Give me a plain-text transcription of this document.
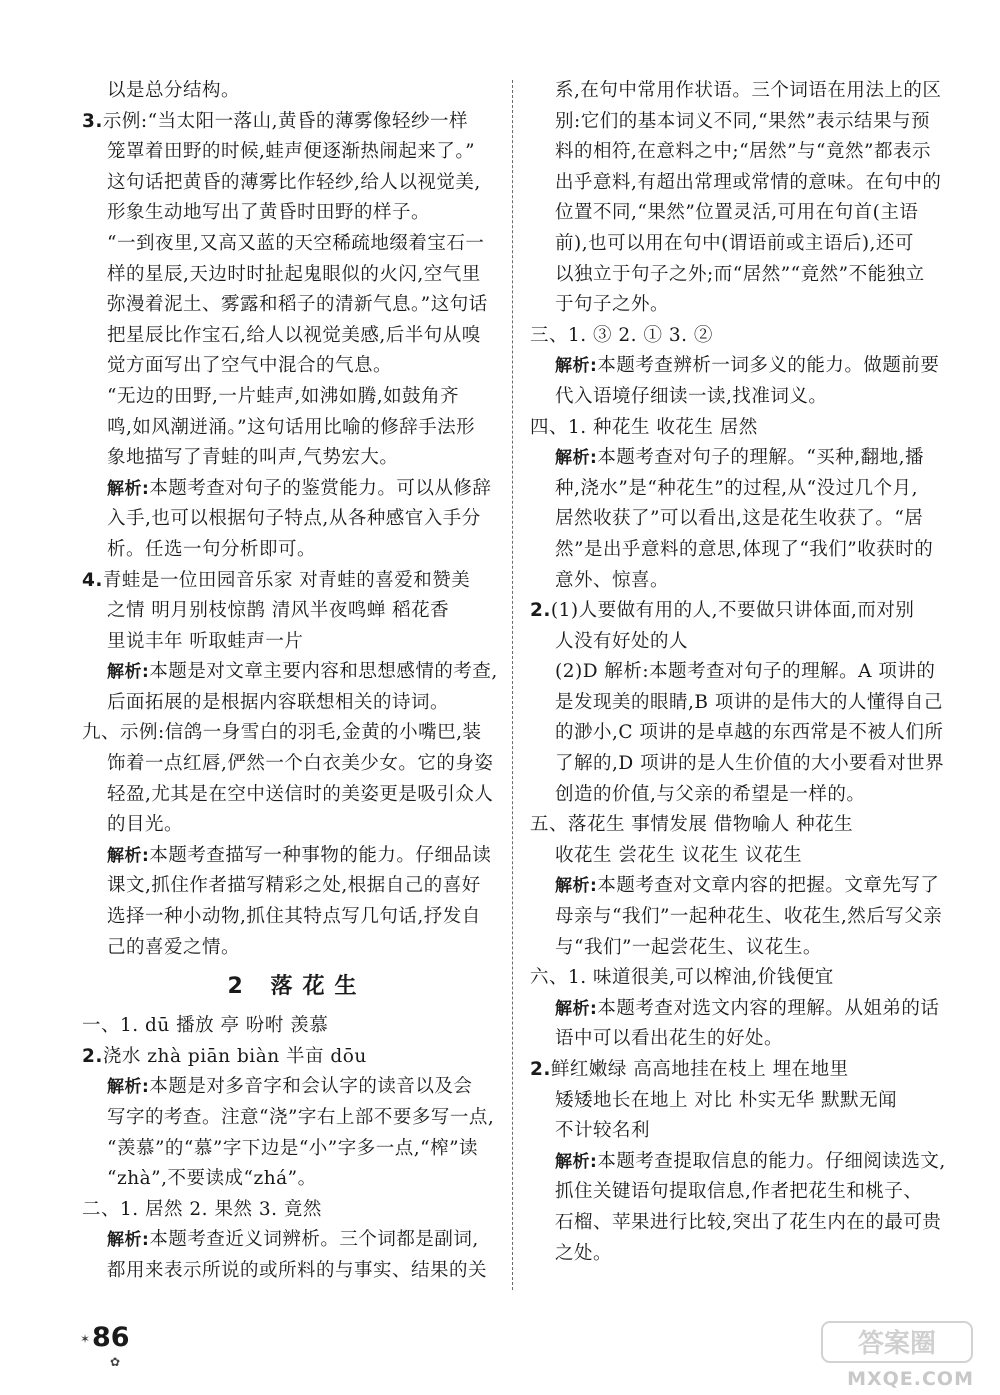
以是总分结构。
3.示例:“当太阳一落山,黄昏的薄雾像轻纱一样
笼罩着田野的时候,蛙声便逐渐热闹起来了。”
这句话把黄昏的薄雾比作轻纱,给人以视觉美,
形象生动地写出了黄昏时田野的样子。
“一到夜里,又高又蓝的天空稀疏地缀着宝石一
样的星辰,天边时时扯起鬼眼似的火闪,空气里
弥漫着泥土、雾露和稻子的清新气息。”这句话
把星辰比作宝石,给人以视觉美感,后半句从嗅
觉方面写出了空气中混合的气息。
“无边的田野,一片蛙声,如沸如腾,如鼓角齐
鸣,如风潮迸涌。”这句话用比喻的修辞手法形
象地描写了青蛙的叫声,气势宏大。
解析:本题考查对句子的鉴赏能力。可以从修辞
入手,也可以根据句子特点,从各种感官入手分
析。任选一句分析即可。
4.青蛙是一位田园音乐家 对青蛙的喜爱和赞美
之情 明月别枝惊鹊 清风半夜鸣蝉 稻花香
里说丰年 听取蛙声一片
解析:本题是对文章主要内容和思想感情的考查,
后面拓展的是根据内容联想相关的诗词。
九、示例:信鸽一身雪白的羽毛,金黄的小嘴巴,装
饰着一点红唇,俨然一个白衣美少女。它的身姿
轻盈,尤其是在空中送信时的美姿更是吸引众人
的目光。
解析:本题考查描写一种事物的能力。仔细品读
课文,抓住作者描写精彩之处,根据自己的喜好
选择一种小动物,抓住其特点写几句话,抒发自
己的喜爱之情。
2 落花生
一、1. dū 播放 亭 吩咐 羡慕
2.浇水 zhà piān biàn 半亩 dōu
解析:本题是对多音字和会认字的读音以及会
写字的考查。注意“浇”字右上部不要多写一点,
“羡慕”的“慕”字下边是“小”字多一点,“榨”读
“zhà”,不要读成“zhá”。
二、1. 居然 2. 果然 3. 竟然
解析:本题考查近义词辨析。三个词都是副词,
都用来表示所说的或所料的与事实、结果的关
系,在句中常用作状语。三个词语在用法上的区
别:它们的基本词义不同,“果然”表示结果与预
料的相符,在意料之中;“居然”与“竟然”都表示
出乎意料,有超出常理或常情的意味。在句中的
位置不同,“果然”位置灵活,可用在句首(主语
前),也可以用在句中(谓语前或主语后),还可
以独立于句子之外;而“居然”“竟然”不能独立
于句子之外。
三、1. ③ 2. ① 3. ②
解析:本题考查辨析一词多义的能力。做题前要
代入语境仔细读一读,找准词义。
四、1. 种花生 收花生 居然
解析:本题考查对句子的理解。“买种,翻地,播
种,浇水”是“种花生”的过程,从“没过几个月,
居然收获了”可以看出,这是花生收获了。“居
然”是出乎意料的意思,体现了“我们”收获时的
意外、惊喜。
2.(1)人要做有用的人,不要做只讲体面,而对别
人没有好处的人
(2)D 解析:本题考查对句子的理解。A 项讲的
是发现美的眼睛,B 项讲的是伟大的人懂得自己
的渺小,C 项讲的是卓越的东西常是不被人们所
了解的,D 项讲的是人生价值的大小要看对世界
创造的价值,与父亲的希望是一样的。
五、落花生 事情发展 借物喻人 种花生
收花生 尝花生 议花生 议花生
解析:本题考查对文章内容的把握。文章先写了
母亲与“我们”一起种花生、收花生,然后写父亲
与“我们”一起尝花生、议花生。
六、1. 味道很美,可以榨油,价钱便宜
解析:本题考查对选文内容的理解。从姐弟的话
语中可以看出花生的好处。
2.鲜红嫩绿 高高地挂在枝上 埋在地里
矮矮地长在地上 对比 朴实无华 默默无闻
不计较名利
解析:本题考查提取信息的能力。仔细阅读选文,
抓住关键语句提取信息,作者把花生和桃子、
石榴、苹果进行比较,突出了花生内在的最可贵
之处。
✶ 86
✿
答案圈
MXQE.COM
